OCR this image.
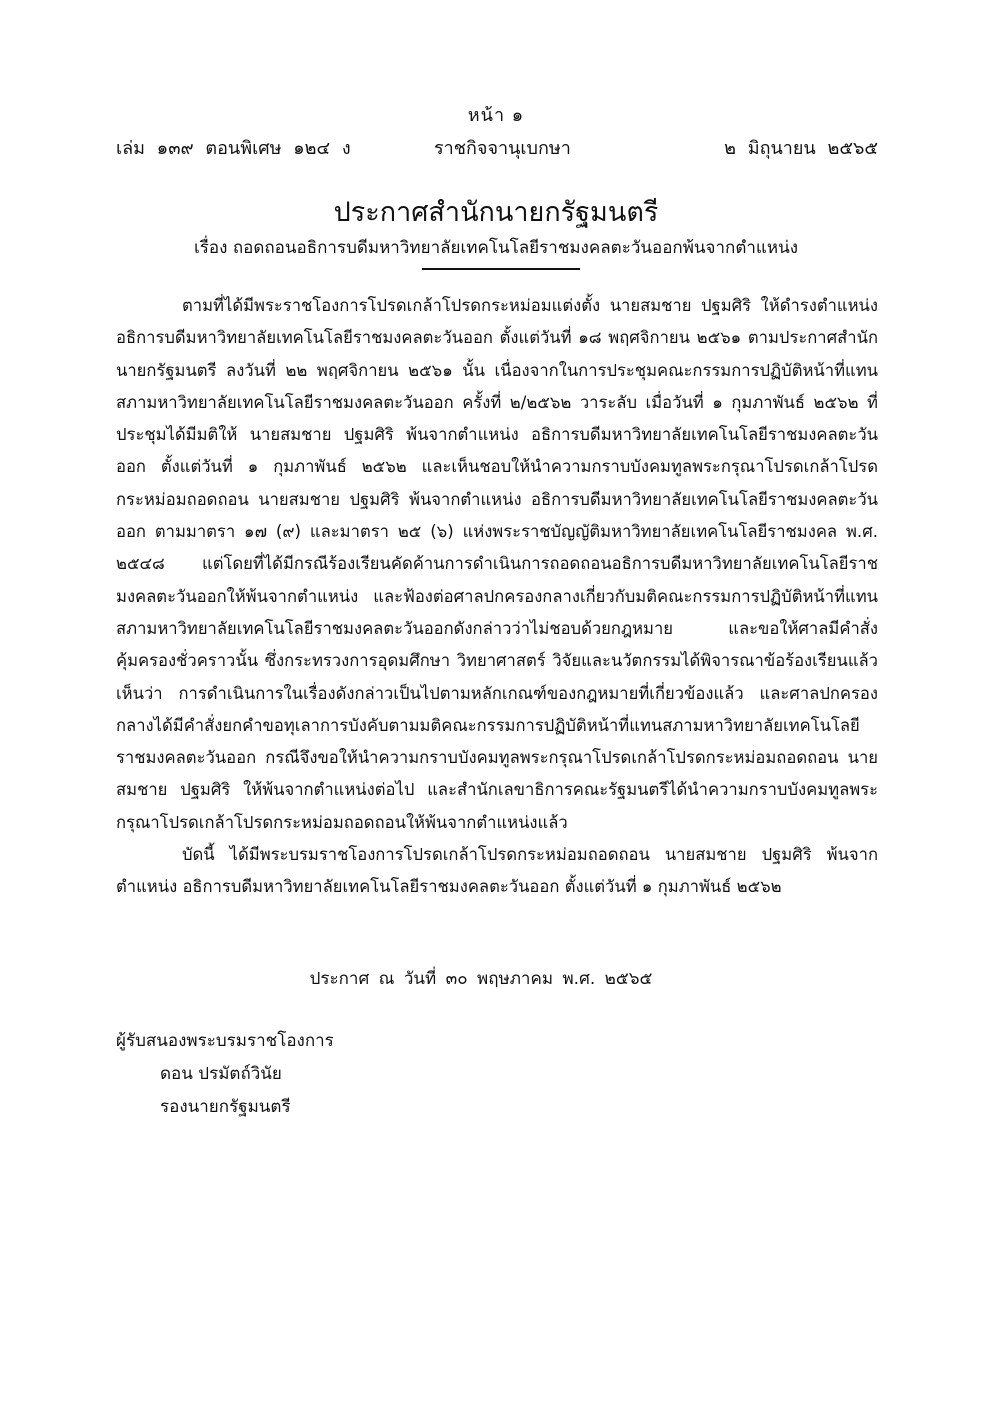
หน้า ๑
เล่ม ๑๓๙ ตอนพิเศษ ๑๒๔ ง	ราชกิจจานุเบกษา	๒ มิถุนายน ๒๕๖๕
ประกาศสำนักนายกรัฐมนตรี
เรื่อง ถอดถอนอธิการบดีมหาวิทยาลัยเทคโนโลยีราชมงคลตะวันออกพ้นจากตำแหน่ง

ตามที่ได้มีพระราชโองการโปรดเกล้าโปรดกระหม่อมแต่งตั้ง นายสมชาย ปฐมศิริ ให้ดำรงตำแหน่ง อธิการบดีมหาวิทยาลัยเทคโนโลยีราชมงคลตะวันออก ตั้งแต่วันที่ ๑๘ พฤศจิกายน ๒๕๖๑ ตามประกาศสำนักนายกรัฐมนตรี ลงวันที่ ๒๒ พฤศจิกายน ๒๕๖๑ นั้น เนื่องจากในการประชุมคณะกรรมการปฏิบัติหน้าที่แทนสภามหาวิทยาลัยเทคโนโลยีราชมงคลตะวันออก ครั้งที่ ๒/๒๕๖๒ วาระลับ เมื่อวันที่ ๑ กุมภาพันธ์ ๒๕๖๒ ที่ประชุมได้มีมติให้ นายสมชาย ปฐมศิริ พ้นจากตำแหน่ง อธิการบดีมหาวิทยาลัยเทคโนโลยีราชมงคลตะวันออก ตั้งแต่วันที่ ๑ กุมภาพันธ์ ๒๕๖๒ และเห็นชอบให้นำความกราบบังคมทูลพระกรุณาโปรดเกล้าโปรดกระหม่อมถอดถอน นายสมชาย ปฐมศิริ พ้นจากตำแหน่ง อธิการบดีมหาวิทยาลัยเทคโนโลยีราชมงคลตะวันออก ตามมาตรา ๑๗ (๙) และมาตรา ๒๕ (๖) แห่งพระราชบัญญัติมหาวิทยาลัยเทคโนโลยีราชมงคล พ.ศ. ๒๕๔๘ แต่โดยที่ได้มีกรณีร้องเรียนคัดค้านการดำเนินการถอดถอนอธิการบดีมหาวิทยาลัยเทคโนโลยีราชมงคลตะวันออกให้พ้นจากตำแหน่ง และฟ้องต่อศาลปกครองกลางเกี่ยวกับมติคณะกรรมการปฏิบัติหน้าที่แทนสภามหาวิทยาลัยเทคโนโลยีราชมงคลตะวันออกดังกล่าวว่าไม่ชอบด้วยกฎหมาย และขอให้ศาลมีคำสั่งคุ้มครองชั่วคราวนั้น ซึ่งกระทรวงการอุดมศึกษา วิทยาศาสตร์ วิจัยและนวัตกรรมได้พิจารณาข้อร้องเรียนแล้วเห็นว่า การดำเนินการในเรื่องดังกล่าวเป็นไปตามหลักเกณฑ์ของกฎหมายที่เกี่ยวข้องแล้ว และศาลปกครองกลางได้มีคำสั่งยกคำขอทุเลาการบังคับตามมติคณะกรรมการปฏิบัติหน้าที่แทนสภามหาวิทยาลัยเทคโนโลยีราชมงคลตะวันออก กรณีจึงขอให้นำความกราบบังคมทูลพระกรุณาโปรดเกล้าโปรดกระหม่อมถอดถอน นายสมชาย ปฐมศิริ ให้พ้นจากตำแหน่งต่อไป และสำนักเลขาธิการคณะรัฐมนตรีได้นำความกราบบังคมทูลพระกรุณาโปรดเกล้าโปรดกระหม่อมถอดถอนให้พ้นจากตำแหน่งแล้ว

บัดนี้ ได้มีพระบรมราชโองการโปรดเกล้าโปรดกระหม่อมถอดถอน นายสมชาย ปฐมศิริ พ้นจากตำแหน่ง อธิการบดีมหาวิทยาลัยเทคโนโลยีราชมงคลตะวันออก ตั้งแต่วันที่ ๑ กุมภาพันธ์ ๒๕๖๒

ประกาศ ณ วันที่ ๓๐ พฤษภาคม พ.ศ. ๒๕๖๕
ผู้รับสนองพระบรมราชโองการ
ดอน ปรมัตถ์วินัย
รองนายกรัฐมนตรี
